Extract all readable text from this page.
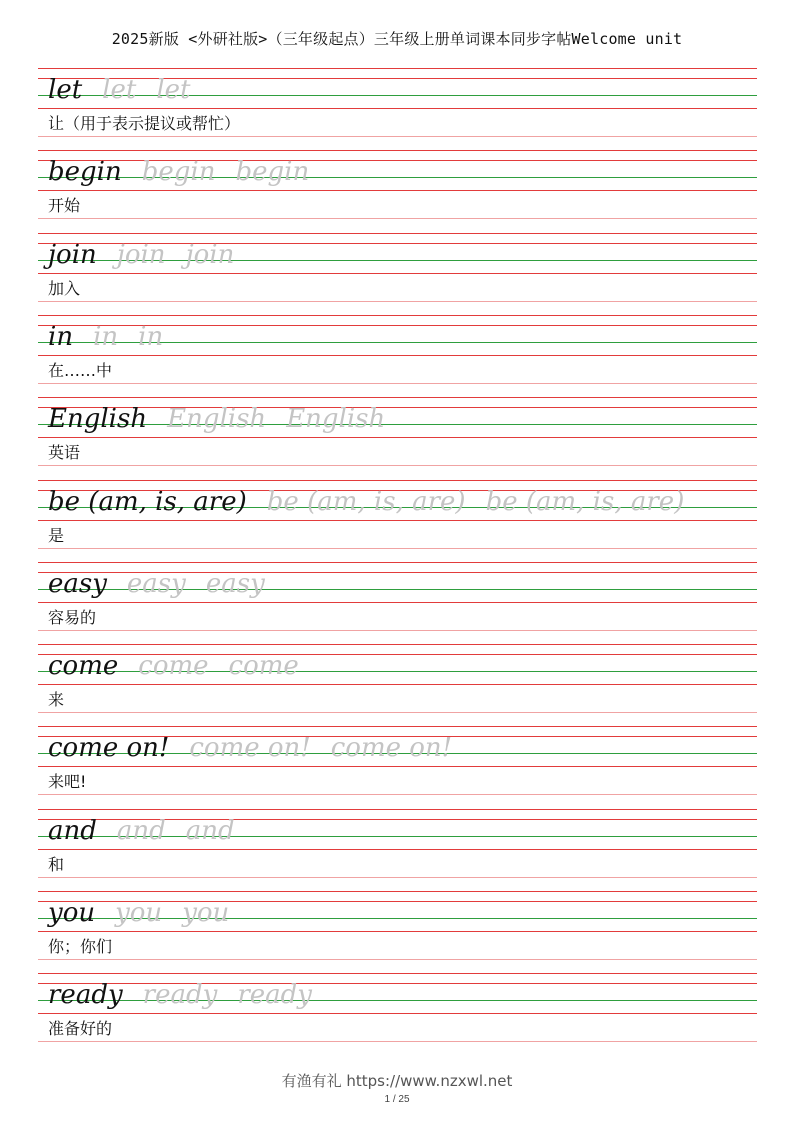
2025新版 <外研社版>（三年级起点）三年级上册单词课本同步字帖Welcome unit
let let let
让（用于表示提议或帮忙）
begin begin begin
开始
join join join
加入
in in in
在……中
English English English
英语
be (am, is, are) be (am, is, are) be (am, is, are)
是
easy easy easy
容易的
come come come
来
come on! come on! come on!
来吧!
and and and
和
you you you
你；你们
ready ready ready
准备好的
有渔有礼 https://www.nzxwl.net
1 / 25
